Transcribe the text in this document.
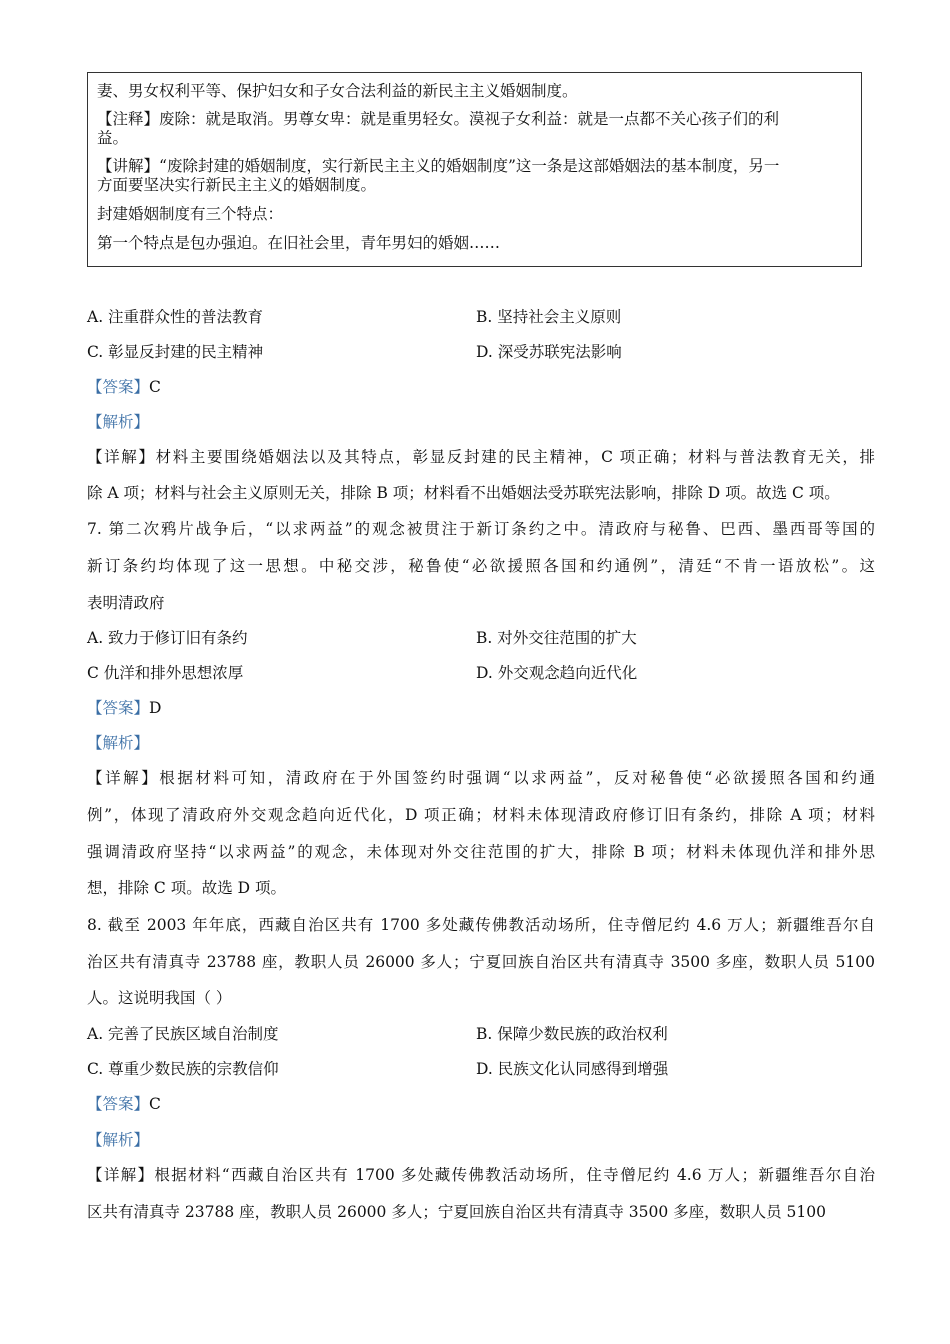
妻、男女权利平等、保护妇女和子女合法利益的新民主主义婚姻制度。
【注释】废除：就是取消。男尊女卑：就是重男轻女。漠视子女利益：就是一点都不关心孩子们的利
益。
【讲解】“废除封建的婚姻制度，实行新民主主义的婚姻制度”这一条是这部婚姻法的基本制度，另一
方面要坚决实行新民主主义的婚姻制度。
封建婚姻制度有三个特点：
第一个特点是包办强迫。在旧社会里，青年男妇的婚姻……
A. 注重群众性的普法教育	B. 坚持社会主义原则
C. 彰显反封建的民主精神	D. 深受苏联宪法影响
【答案】C
【解析】
【详解】材料主要围绕婚姻法以及其特点，彰显反封建的民主精神，C 项正确；材料与普法教育无关，排
除 A 项；材料与社会主义原则无关，排除 B 项；材料看不出婚姻法受苏联宪法影响，排除 D 项。故选 C 项。
7. 第二次鸦片战争后，“以求两益”的观念被贯注于新订条约之中。清政府与秘鲁、巴西、墨西哥等国的
新订条约均体现了这一思想。中秘交涉，秘鲁使“必欲援照各国和约通例”，清廷“不肯一语放松”。这
表明清政府
A. 致力于修订旧有条约	B. 对外交往范围的扩大
C 仇洋和排外思想浓厚	D. 外交观念趋向近代化
【答案】D
【解析】
【详解】根据材料可知，清政府在于外国签约时强调“以求两益”，反对秘鲁使“必欲援照各国和约通
例”，体现了清政府外交观念趋向近代化，D 项正确；材料未体现清政府修订旧有条约，排除 A 项；材料
强调清政府坚持“以求两益”的观念，未体现对外交往范围的扩大，排除 B 项；材料未体现仇洋和排外思
想，排除 C 项。故选 D 项。
8. 截至 2003 年年底，西藏自治区共有 1700 多处藏传佛教活动场所，住寺僧尼约 4.6 万人；新疆维吾尔自
治区共有清真寺 23788 座，教职人员 26000 多人；宁夏回族自治区共有清真寺 3500 多座，数职人员 5100
人。这说明我国（ ）
A. 完善了民族区域自治制度	B. 保障少数民族的政治权利
C. 尊重少数民族的宗教信仰	D. 民族文化认同感得到增强
【答案】C
【解析】
【详解】根据材料“西藏自治区共有 1700 多处藏传佛教活动场所，住寺僧尼约 4.6 万人；新疆维吾尔自治
区共有清真寺 23788 座，教职人员 26000 多人；宁夏回族自治区共有清真寺 3500 多座，数职人员 5100
